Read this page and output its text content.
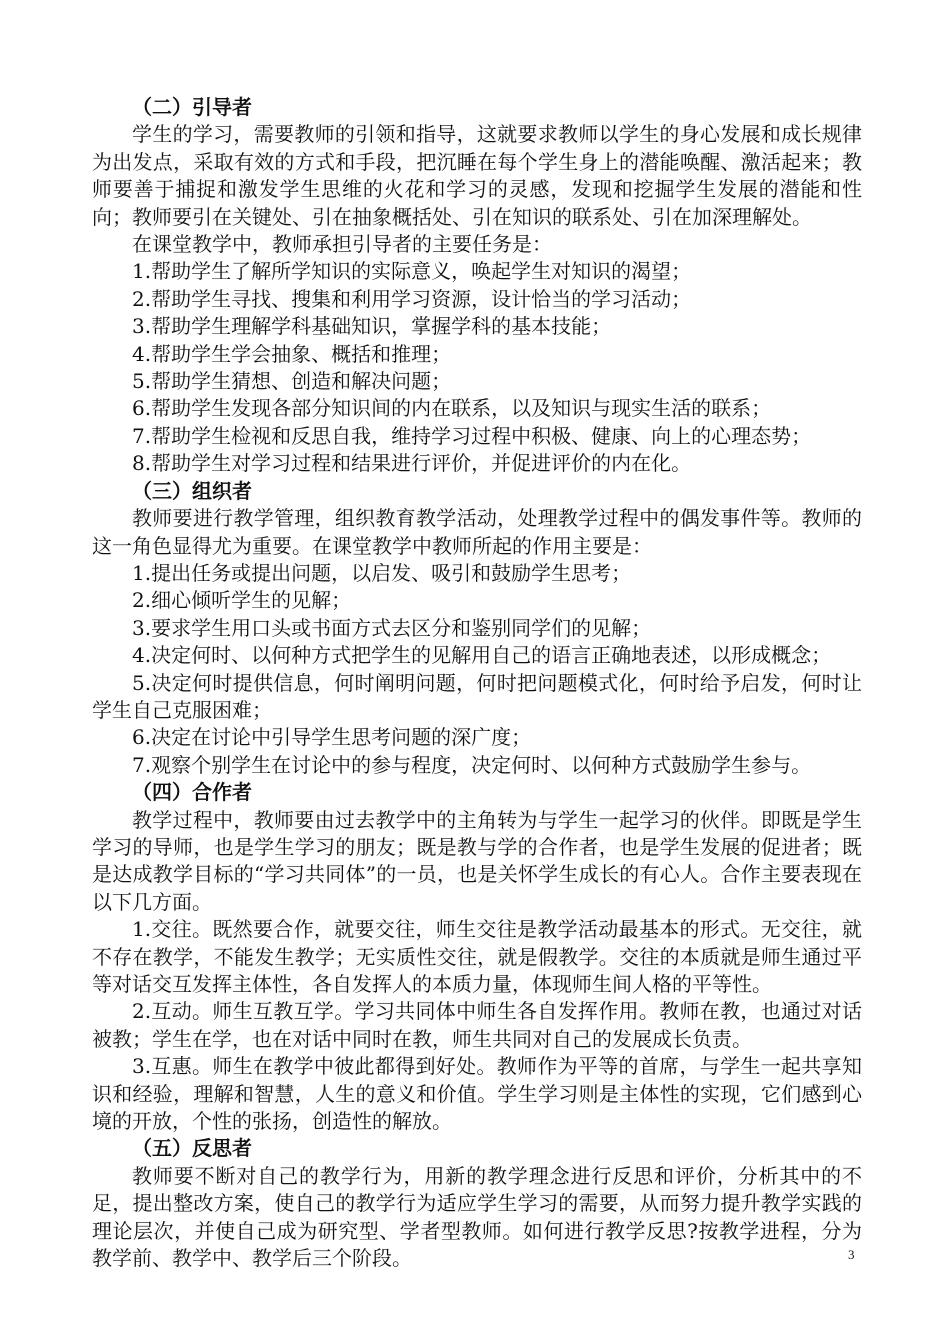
（二）引导者

学生的学习，需要教师的引领和指导，这就要求教师以学生的身心发展和成长规律为出发点，采取有效的方式和手段，把沉睡在每个学生身上的潜能唤醒、激活起来；教师要善于捕捉和激发学生思维的火花和学习的灵感，发现和挖掘学生发展的潜能和性向；教师要引在关键处、引在抽象概括处、引在知识的联系处、引在加深理解处。

在课堂教学中，教师承担引导者的主要任务是：

1.帮助学生了解所学知识的实际意义，唤起学生对知识的渴望；

2.帮助学生寻找、搜集和利用学习资源，设计恰当的学习活动；

3.帮助学生理解学科基础知识，掌握学科的基本技能；

4.帮助学生学会抽象、概括和推理；

5.帮助学生猜想、创造和解决问题；

6.帮助学生发现各部分知识间的内在联系，以及知识与现实生活的联系；

7.帮助学生检视和反思自我，维持学习过程中积极、健康、向上的心理态势；

8.帮助学生对学习过程和结果进行评价，并促进评价的内在化。

（三）组织者

教师要进行教学管理，组织教育教学活动，处理教学过程中的偶发事件等。教师的这一角色显得尤为重要。在课堂教学中教师所起的作用主要是：

1.提出任务或提出问题，以启发、吸引和鼓励学生思考；

2.细心倾听学生的见解；

3.要求学生用口头或书面方式去区分和鉴别同学们的见解；

4.决定何时、以何种方式把学生的见解用自己的语言正确地表述，以形成概念；

5.决定何时提供信息，何时阐明问题，何时把问题模式化，何时给予启发，何时让学生自己克服困难；

6.决定在讨论中引导学生思考问题的深广度；

7.观察个别学生在讨论中的参与程度，决定何时、以何种方式鼓励学生参与。

（四）合作者

教学过程中，教师要由过去教学中的主角转为与学生一起学习的伙伴。即既是学生学习的导师，也是学生学习的朋友；既是教与学的合作者，也是学生发展的促进者；既是达成教学目标的“学习共同体”的一员，也是关怀学生成长的有心人。合作主要表现在以下几方面。

1.交往。既然要合作，就要交往，师生交往是教学活动最基本的形式。无交往，就不存在教学，不能发生教学；无实质性交往，就是假教学。交往的本质就是师生通过平等对话交互发挥主体性，各自发挥人的本质力量，体现师生间人格的平等性。

2.互动。师生互教互学。学习共同体中师生各自发挥作用。教师在教，也通过对话被教；学生在学，也在对话中同时在教，师生共同对自己的发展成长负责。

3.互惠。师生在教学中彼此都得到好处。教师作为平等的首席，与学生一起共享知识和经验，理解和智慧，人生的意义和价值。学生学习则是主体性的实现，它们感到心境的开放，个性的张扬，创造性的解放。

（五）反思者

教师要不断对自己的教学行为，用新的教学理念进行反思和评价，分析其中的不足，提出整改方案，使自己的教学行为适应学生学习的需要，从而努力提升教学实践的理论层次，并使自己成为研究型、学者型教师。如何进行教学反思?按教学进程，分为教学前、教学中、教学后三个阶段。	3
